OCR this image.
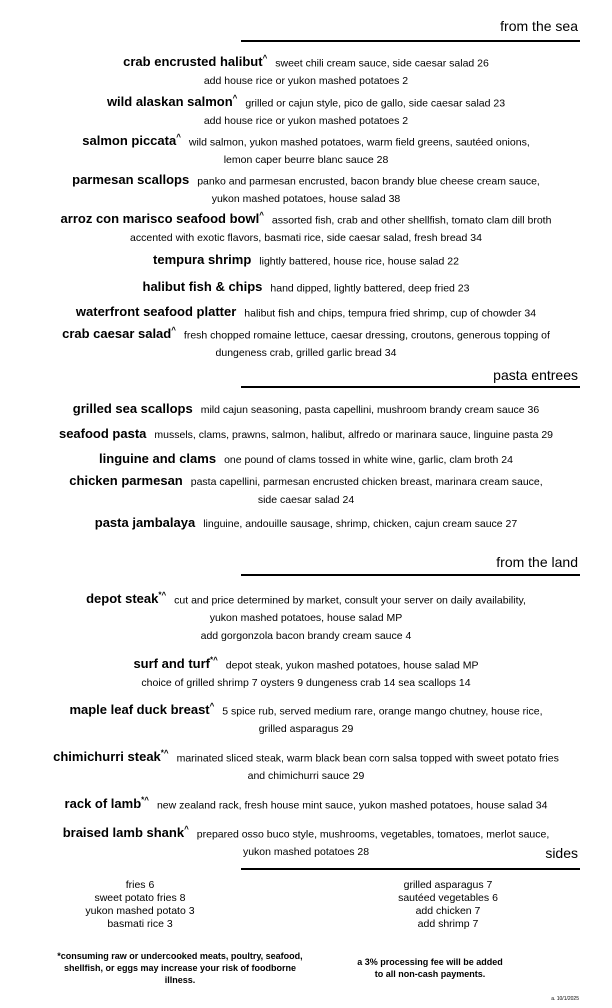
from the sea
crab encrusted halibut^ sweet chili cream sauce, side caesar salad 26
add house rice or yukon mashed potatoes 2
wild alaskan salmon^ grilled or cajun style, pico de gallo, side caesar salad 23
add house rice or yukon mashed potatoes 2
salmon piccata^ wild salmon, yukon mashed potatoes, warm field greens, sautéed onions,
lemon caper beurre blanc sauce 28
parmesan scallops panko and parmesan encrusted, bacon brandy blue cheese cream sauce,
yukon mashed potatoes, house salad 38
arroz con marisco seafood bowl^ assorted fish, crab and other shellfish, tomato clam dill broth
accented with exotic flavors, basmati rice, side caesar salad, fresh bread 34
tempura shrimp lightly battered, house rice, house salad 22
halibut fish & chips hand dipped, lightly battered, deep fried 23
waterfront seafood platter halibut fish and chips, tempura fried shrimp, cup of chowder 34
crab caesar salad^ fresh chopped romaine lettuce, caesar dressing, croutons, generous topping of
dungeness crab, grilled garlic bread 34
pasta entrees
grilled sea scallops mild cajun seasoning, pasta capellini, mushroom brandy cream sauce 36
seafood pasta mussels, clams, prawns, salmon, halibut, alfredo or marinara sauce, linguine pasta 29
linguine and clams one pound of clams tossed in white wine, garlic, clam broth 24
chicken parmesan pasta capellini, parmesan encrusted chicken breast, marinara cream sauce,
side caesar salad 24
pasta jambalaya linguine, andouille sausage, shrimp, chicken, cajun cream sauce 27
from the land
depot steak*^ cut and price determined by market, consult your server on daily availability,
yukon mashed potatoes, house salad MP
add gorgonzola bacon brandy cream sauce 4
surf and turf*^ depot steak, yukon mashed potatoes, house salad MP
choice of grilled shrimp 7 oysters 9 dungeness crab 14 sea scallops 14
maple leaf duck breast^ 5 spice rub, served medium rare, orange mango chutney, house rice,
grilled asparagus 29
chimichurri steak*^ marinated sliced steak, warm black bean corn salsa topped with sweet potato fries
and chimichurri sauce 29
rack of lamb*^ new zealand rack, fresh house mint sauce, yukon mashed potatoes, house salad 34
braised lamb shank^ prepared osso buco style, mushrooms, vegetables, tomatoes, merlot sauce,
yukon mashed potatoes 28	sides
fries 6
sweet potato fries 8
yukon mashed potato 3
basmati rice 3
grilled asparagus 7
sautéed vegetables 6
add chicken 7
add shrimp 7
*consuming raw or undercooked meats, poultry, seafood, shellfish, or eggs may increase your risk of foodborne illness.
a 3% processing fee will be added to all non-cash payments.
a. 10/1/2025
